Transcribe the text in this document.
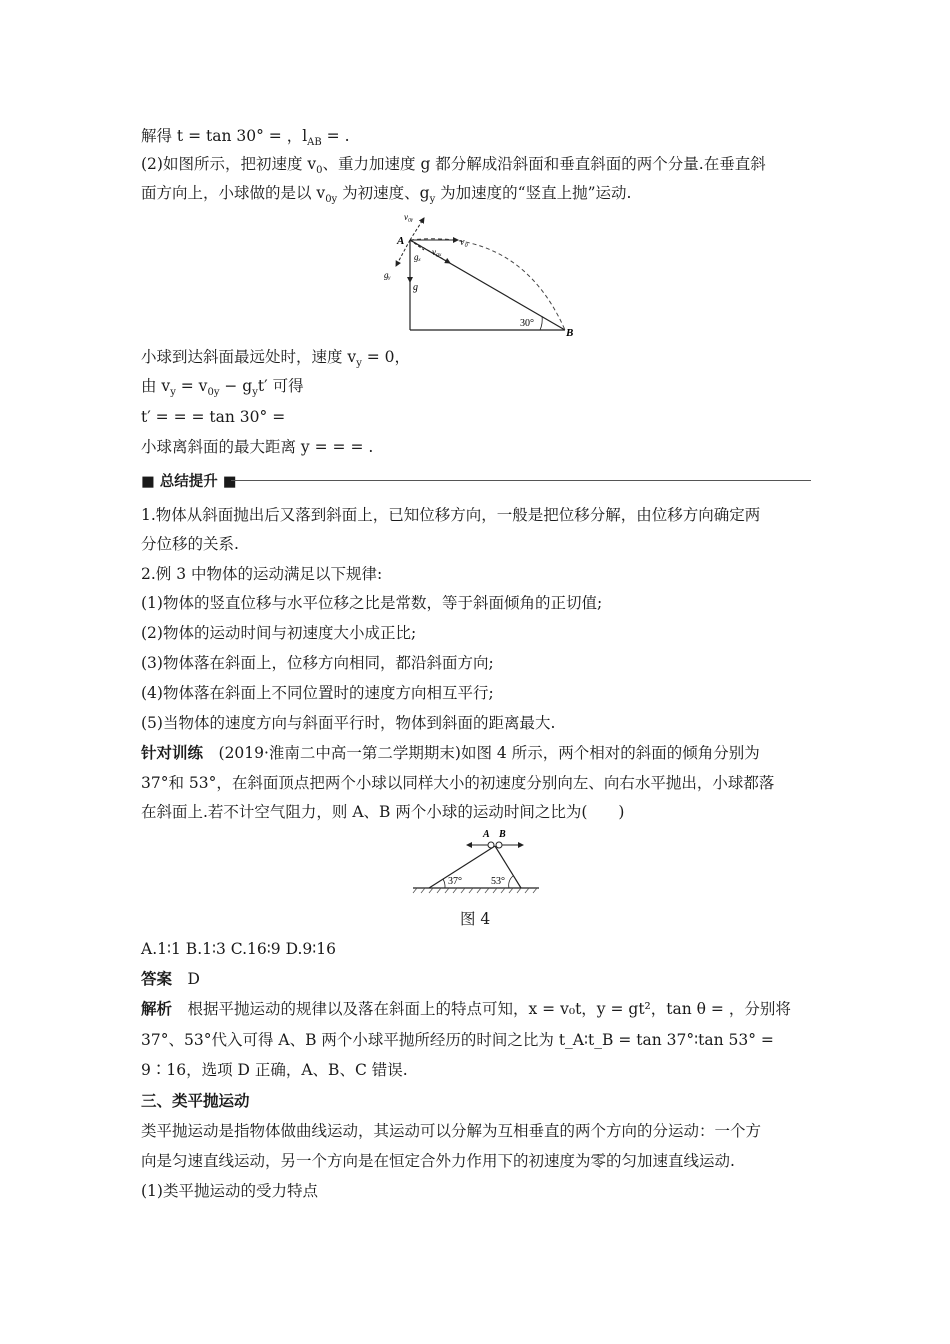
解得 t = tan 30° = ，$l_{AB}$ = .
(2)如图所示，把初速度 $v_0$、重力加速度 g 都分解成沿斜面和垂直斜面的两个分量.在垂直斜
面方向上，小球做的是以 $v_{0y}$ 为初速度、$g_y$ 为加速度的“竖直上抛”运动.
A
B
v₀
v₀ᵧ
v₀ₓ
gᵧ
gₓ
g
30°
小球到达斜面最远处时，速度 $v_y = 0$，
由 $v_y = v_{0y} - g_yt'$ 可得
t′ = = = tan 30° =
小球离斜面的最大距离 y = = = .
■ 总结提升 ■
1.物体从斜面抛出后又落到斜面上，已知位移方向，一般是把位移分解，由位移方向确定两
分位移的关系.
2.例 3 中物体的运动满足以下规律:
(1)物体的竖直位移与水平位移之比是常数，等于斜面倾角的正切值;
(2)物体的运动时间与初速度大小成正比;
(3)物体落在斜面上，位移方向相同，都沿斜面方向;
(4)物体落在斜面上不同位置时的速度方向相互平行;
(5)当物体的速度方向与斜面平行时，物体到斜面的距离最大.
针对训练　(2019·淮南二中高一第二学期期末)如图 4 所示，两个相对的斜面的倾角分别为
37°和 53°，在斜面顶点把两个小球以同样大小的初速度分别向左、向右水平抛出，小球都落
在斜面上.若不计空气阻力，则 A、B 两个小球的运动时间之比为(　　)
A B
37°	53°
图 4
A.1∶1 B.1∶3 C.16∶9 D.9∶16
答案　D
解析　根据平抛运动的规律以及落在斜面上的特点可知，x = v₀t，y = gt²，tan θ = ，分别将
37°、53°代入可得 A、B 两个小球平抛所经历的时间之比为 t_A∶t_B = tan 37°∶tan 53° =
9∶16，选项 D 正确，A、B、C 错误.
三、类平抛运动
类平抛运动是指物体做曲线运动，其运动可以分解为互相垂直的两个方向的分运动：一个方
向是匀速直线运动，另一个方向是在恒定合外力作用下的初速度为零的匀加速直线运动.
(1)类平抛运动的受力特点
